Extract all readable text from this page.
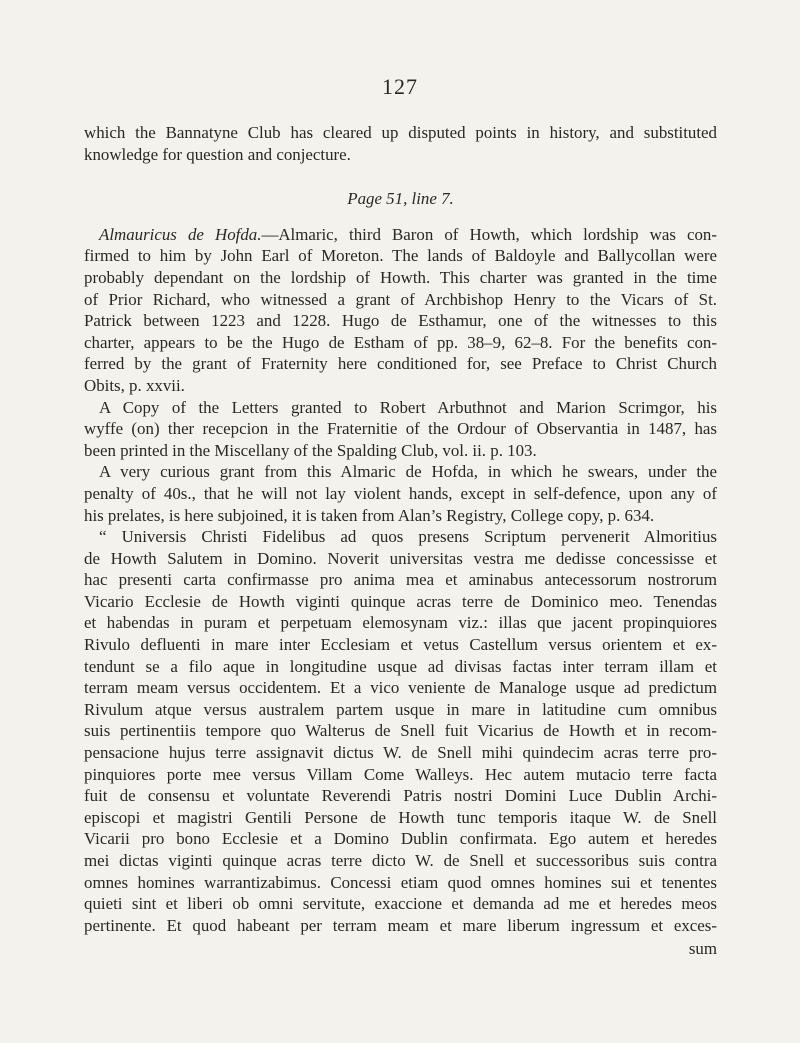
127
which the Bannatyne Club has cleared up disputed points in history, and substituted
knowledge for question and conjecture.
Page 51, line 7.
Almauricus de Hofda.—Almaric, third Baron of Howth, which lordship was con-
firmed to him by John Earl of Moreton. The lands of Baldoyle and Ballycollan were
probably dependant on the lordship of Howth. This charter was granted in the time
of Prior Richard, who witnessed a grant of Archbishop Henry to the Vicars of St.
Patrick between 1223 and 1228. Hugo de Esthamur, one of the witnesses to this
charter, appears to be the Hugo de Estham of pp. 38–9, 62–8. For the benefits con-
ferred by the grant of Fraternity here conditioned for, see Preface to Christ Church
Obits, p. xxvii.
A Copy of the Letters granted to Robert Arbuthnot and Marion Scrimgor, his
wyffe (on) ther recepcion in the Fraternitie of the Ordour of Observantia in 1487, has
been printed in the Miscellany of the Spalding Club, vol. ii. p. 103.
A very curious grant from this Almaric de Hofda, in which he swears, under the
penalty of 40s., that he will not lay violent hands, except in self-defence, upon any of
his prelates, is here subjoined, it is taken from Alan’s Registry, College copy, p. 634.
“ Universis Christi Fidelibus ad quos presens Scriptum pervenerit Almoritius
de Howth Salutem in Domino. Noverit universitas vestra me dedisse concessisse et
hac presenti carta confirmasse pro anima mea et aminabus antecessorum nostrorum
Vicario Ecclesie de Howth viginti quinque acras terre de Dominico meo. Tenendas
et habendas in puram et perpetuam elemosynam viz.: illas que jacent propinquiores
Rivulo defluenti in mare inter Ecclesiam et vetus Castellum versus orientem et ex-
tendunt se a filo aque in longitudine usque ad divisas factas inter terram illam et
terram meam versus occidentem. Et a vico veniente de Manaloge usque ad predictum
Rivulum atque versus australem partem usque in mare in latitudine cum omnibus
suis pertinentiis tempore quo Walterus de Snell fuit Vicarius de Howth et in recom-
pensacione hujus terre assignavit dictus W. de Snell mihi quindecim acras terre pro-
pinquiores porte mee versus Villam Come Walleys. Hec autem mutacio terre facta
fuit de consensu et voluntate Reverendi Patris nostri Domini Luce Dublin Archi-
episcopi et magistri Gentili Persone de Howth tunc temporis itaque W. de Snell
Vicarii pro bono Ecclesie et a Domino Dublin confirmata. Ego autem et heredes
mei dictas viginti quinque acras terre dicto W. de Snell et successoribus suis contra
omnes homines warrantizabimus. Concessi etiam quod omnes homines sui et tenentes
quieti sint et liberi ob omni servitute, exaccione et demanda ad me et heredes meos
pertinente. Et quod habeant per terram meam et mare liberum ingressum et exces-
sum
